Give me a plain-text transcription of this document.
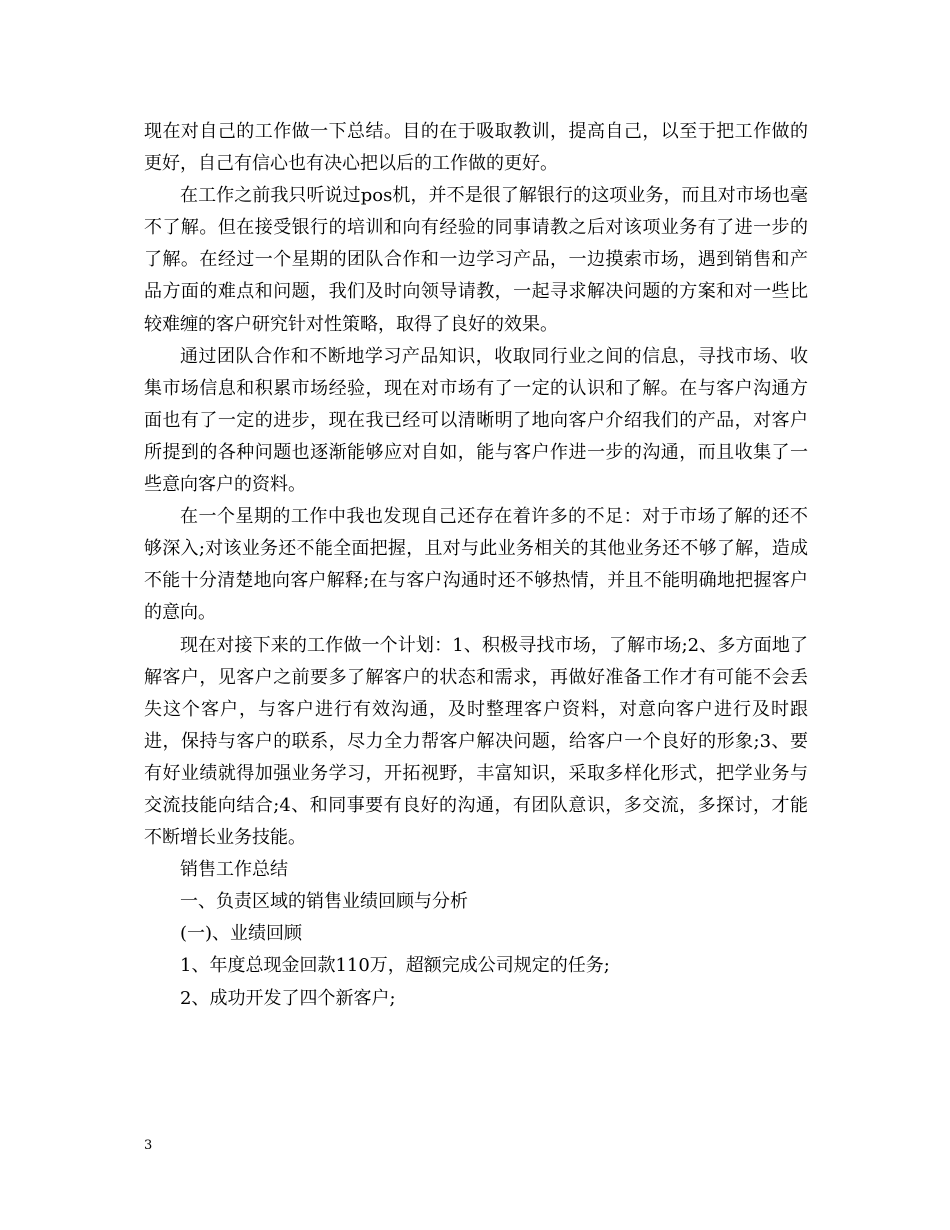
现在对自己的工作做一下总结。目的在于吸取教训，提高自己，以至于把工作做的更好，自己有信心也有决心把以后的工作做的更好。

在工作之前我只听说过pos机，并不是很了解银行的这项业务，而且对市场也毫不了解。但在接受银行的培训和向有经验的同事请教之后对该项业务有了进一步的了解。在经过一个星期的团队合作和一边学习产品，一边摸索市场，遇到销售和产品方面的难点和问题，我们及时向领导请教，一起寻求解决问题的方案和对一些比较难缠的客户研究针对性策略，取得了良好的效果。

通过团队合作和不断地学习产品知识，收取同行业之间的信息，寻找市场、收集市场信息和积累市场经验，现在对市场有了一定的认识和了解。在与客户沟通方面也有了一定的进步，现在我已经可以清晰明了地向客户介绍我们的产品，对客户所提到的各种问题也逐渐能够应对自如，能与客户作进一步的沟通，而且收集了一些意向客户的资料。

在一个星期的工作中我也发现自己还存在着许多的不足：对于市场了解的还不够深入;对该业务还不能全面把握，且对与此业务相关的其他业务还不够了解，造成不能十分清楚地向客户解释;在与客户沟通时还不够热情，并且不能明确地把握客户的意向。

现在对接下来的工作做一个计划：1、积极寻找市场，了解市场;2、多方面地了解客户，见客户之前要多了解客户的状态和需求，再做好准备工作才有可能不会丢失这个客户，与客户进行有效沟通，及时整理客户资料，对意向客户进行及时跟进，保持与客户的联系，尽力全力帮客户解决问题，给客户一个良好的形象;3、要有好业绩就得加强业务学习，开拓视野，丰富知识，采取多样化形式，把学业务与交流技能向结合;4、和同事要有良好的沟通，有团队意识，多交流，多探讨，才能不断增长业务技能。

销售工作总结

一、负责区域的销售业绩回顾与分析

(一)、业绩回顾

1、年度总现金回款110万，超额完成公司规定的任务;

2、成功开发了四个新客户;

3
